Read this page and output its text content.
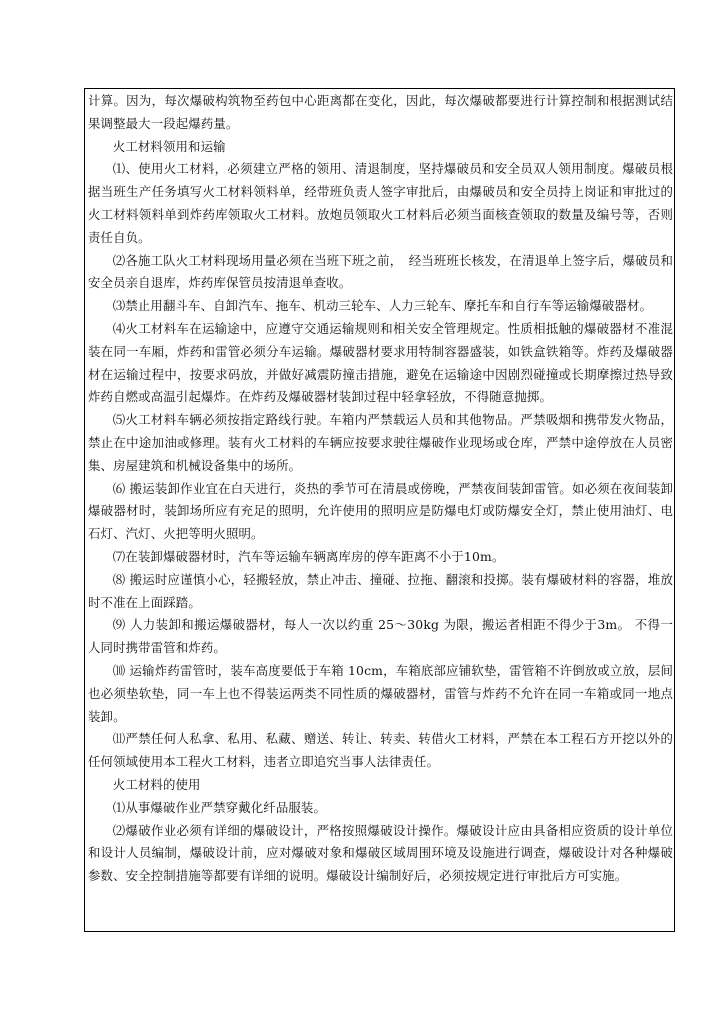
计算。因为，每次爆破构筑物至药包中心距离都在变化，因此，每次爆破都要进行计算控制和根据测试结果调整最大一段起爆药量。

火工材料领用和运输

⑴、使用火工材料，必须建立严格的领用、清退制度，坚持爆破员和安全员双人领用制度。爆破员根据当班生产任务填写火工材料领料单，经带班负责人签字审批后，由爆破员和安全员持上岗证和审批过的火工材料领料单到炸药库领取火工材料。放炮员领取火工材料后必须当面核查领取的数量及编号等，否则责任自负。

⑵各施工队火工材料现场用量必须在当班下班之前，　经当班班长核发，在清退单上签字后，爆破员和安全员亲自退库，炸药库保管员按清退单查收。

⑶禁止用翻斗车、自卸汽车、拖车、机动三轮车、人力三轮车、摩托车和自行车等运输爆破器材。

⑷火工材料车在运输途中，应遵守交通运输规则和相关安全管理规定。性质相抵触的爆破器材不准混装在同一车厢，炸药和雷管必须分车运输。爆破器材要求用特制容器盛装，如铁盒铁箱等。炸药及爆破器材在运输过程中，按要求码放，并做好减震防撞击措施，避免在运输途中因剧烈碰撞或长期摩擦过热导致炸药自燃或高温引起爆炸。在炸药及爆破器材装卸过程中轻拿轻放，不得随意抛掷。

⑸火工材料车辆必须按指定路线行驶。车箱内严禁载运人员和其他物品。严禁吸烟和携带发火物品，禁止在中途加油或修理。装有火工材料的车辆应按要求驶往爆破作业现场或仓库，严禁中途停放在人员密集、房屋建筑和机械设备集中的场所。

⑹ 搬运装卸作业宜在白天进行，炎热的季节可在清晨或傍晚，严禁夜间装卸雷管。如必须在夜间装卸爆破器材时，装卸场所应有充足的照明，允许使用的照明应是防爆电灯或防爆安全灯，禁止使用油灯、电石灯、汽灯、火把等明火照明。

⑺在装卸爆破器材时，汽车等运输车辆离库房的停车距离不小于10m。

⑻ 搬运时应谨慎小心，轻搬轻放，禁止冲击、撞碰、拉拖、翻滚和投掷。装有爆破材料的容器，堆放时不准在上面踩踏。

⑼ 人力装卸和搬运爆破器材，每人一次以约重 25～30kg 为限，搬运者相距不得少于3m。 不得一人同时携带雷管和炸药。

⑽ 运输炸药雷管时，装车高度要低于车箱 10cm，车箱底部应铺软垫，雷管箱不许倒放或立放，层间也必须垫软垫，同一车上也不得装运两类不同性质的爆破器材，雷管与炸药不允许在同一车箱或同一地点装卸。

⑾严禁任何人私拿、私用、私藏、赠送、转让、转卖、转借火工材料，严禁在本工程石方开挖以外的任何领域使用本工程火工材料，违者立即追究当事人法律责任。

火工材料的使用

⑴从事爆破作业严禁穿戴化纤品服装。

⑵爆破作业必须有详细的爆破设计，严格按照爆破设计操作。爆破设计应由具备相应资质的设计单位和设计人员编制，爆破设计前，应对爆破对象和爆破区域周围环境及设施进行调查，爆破设计对各种爆破参数、安全控制措施等都要有详细的说明。爆破设计编制好后，必须按规定进行审批后方可实施。
